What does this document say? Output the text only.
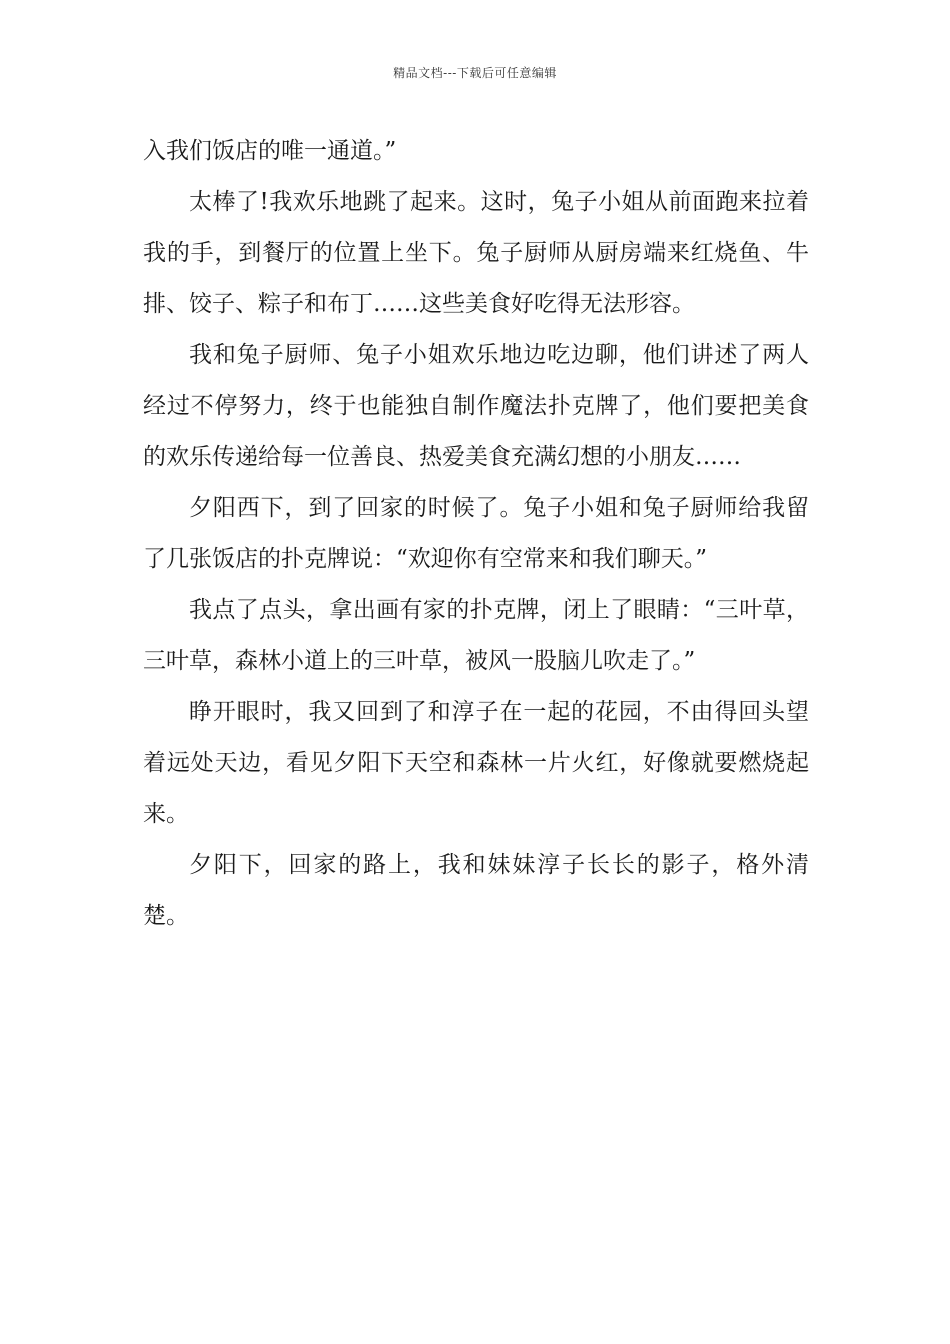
精品文档---下载后可任意编辑

入我们饭店的唯一通道。”

太棒了!我欢乐地跳了起来。这时，兔子小姐从前面跑来拉着我的手，到餐厅的位置上坐下。兔子厨师从厨房端来红烧鱼、牛排、饺子、粽子和布丁……这些美食好吃得无法形容。

我和兔子厨师、兔子小姐欢乐地边吃边聊，他们讲述了两人经过不停努力，终于也能独自制作魔法扑克牌了，他们要把美食的欢乐传递给每一位善良、热爱美食充满幻想的小朋友……

夕阳西下，到了回家的时候了。兔子小姐和兔子厨师给我留了几张饭店的扑克牌说：“欢迎你有空常来和我们聊天。”

我点了点头，拿出画有家的扑克牌，闭上了眼睛：“三叶草，三叶草，森林小道上的三叶草，被风一股脑儿吹走了。”

睁开眼时，我又回到了和淳子在一起的花园，不由得回头望着远处天边，看见夕阳下天空和森林一片火红，好像就要燃烧起来。

夕阳下，回家的路上，我和妹妹淳子长长的影子，格外清楚。
